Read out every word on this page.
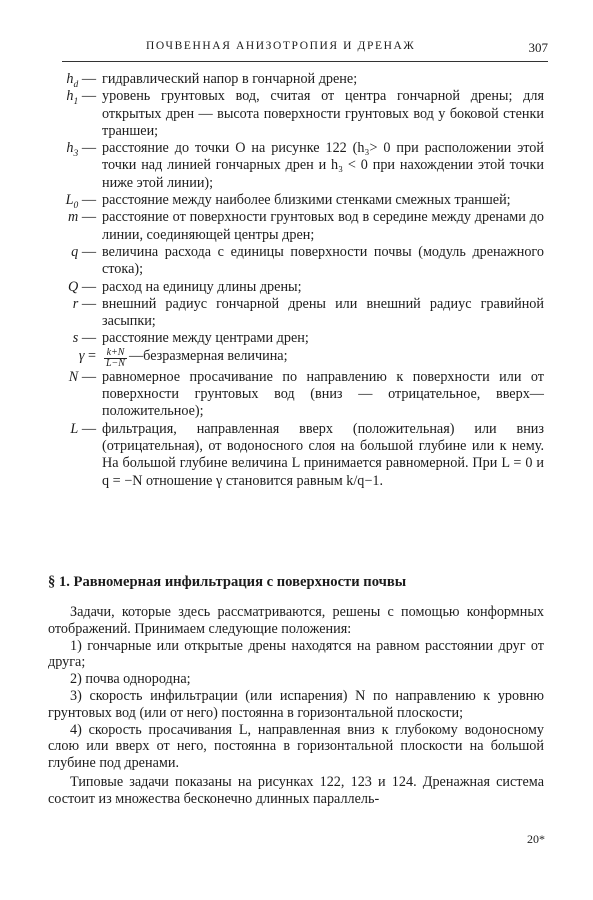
ПОЧВЕННАЯ АНИЗОТРОПИЯ И ДРЕНАЖ	307
$h_d$ — гидравлический напор в гончарной дрене;
$h_1$ — уровень грунтовых вод, считая от центра гончарной дрены; для открытых дрен — высота поверхности грунтовых вод у боковой стенки траншеи;
$h_3$ — расстояние до точки O на рисунке 122 (h₃> 0 при расположении этой точки над линией гончарных дрен и h₃ < 0 при нахождении этой точки ниже этой линии);
$L_0$ — расстояние между наиболее близкими стенками смежных траншей;
m — расстояние от поверхности грунтовых вод в середине между дренами до линии, соединяющей центры дрен;
q — величина расхода с единицы поверхности почвы (модуль дренажного стока);
Q — расход на единицу длины дрены;
r — внешний радиус гончарной дрены или внешний радиус гравийной засыпки;
s — расстояние между центрами дрен;
$\gamma = \frac{k+N}{L-N}$ —безразмерная величина;
N — равномерное просачивание по направлению к поверхности или от поверхности грунтовых вод (вниз — отрицательное, вверх—положительное);
L — фильтрация, направленная вверх (положительная) или вниз (отрицательная), от водоносного слоя на большой глубине или к нему. На большой глубине величина L принимается равномерной. При L = 0 и q = −N отношение γ становится равным k/q−1.
§ 1. Равномерная инфильтрация с поверхности почвы
Задачи, которые здесь рассматриваются, решены с помощью конформных отображений. Принимаем следующие положения:
1) гончарные или открытые дрены находятся на равном расстоянии друг от друга;
2) почва однородна;
3) скорость инфильтрации (или испарения) N по направлению к уровню грунтовых вод (или от него) постоянна в горизонтальной плоскости;
4) скорость просачивания L, направленная вниз к глубокому водоносному слою или вверх от него, постоянна в горизонтальной плоскости на большой глубине под дренами.
Типовые задачи показаны на рисунках 122, 123 и 124. Дренажная система состоит из множества бесконечно длинных параллель-
20*
